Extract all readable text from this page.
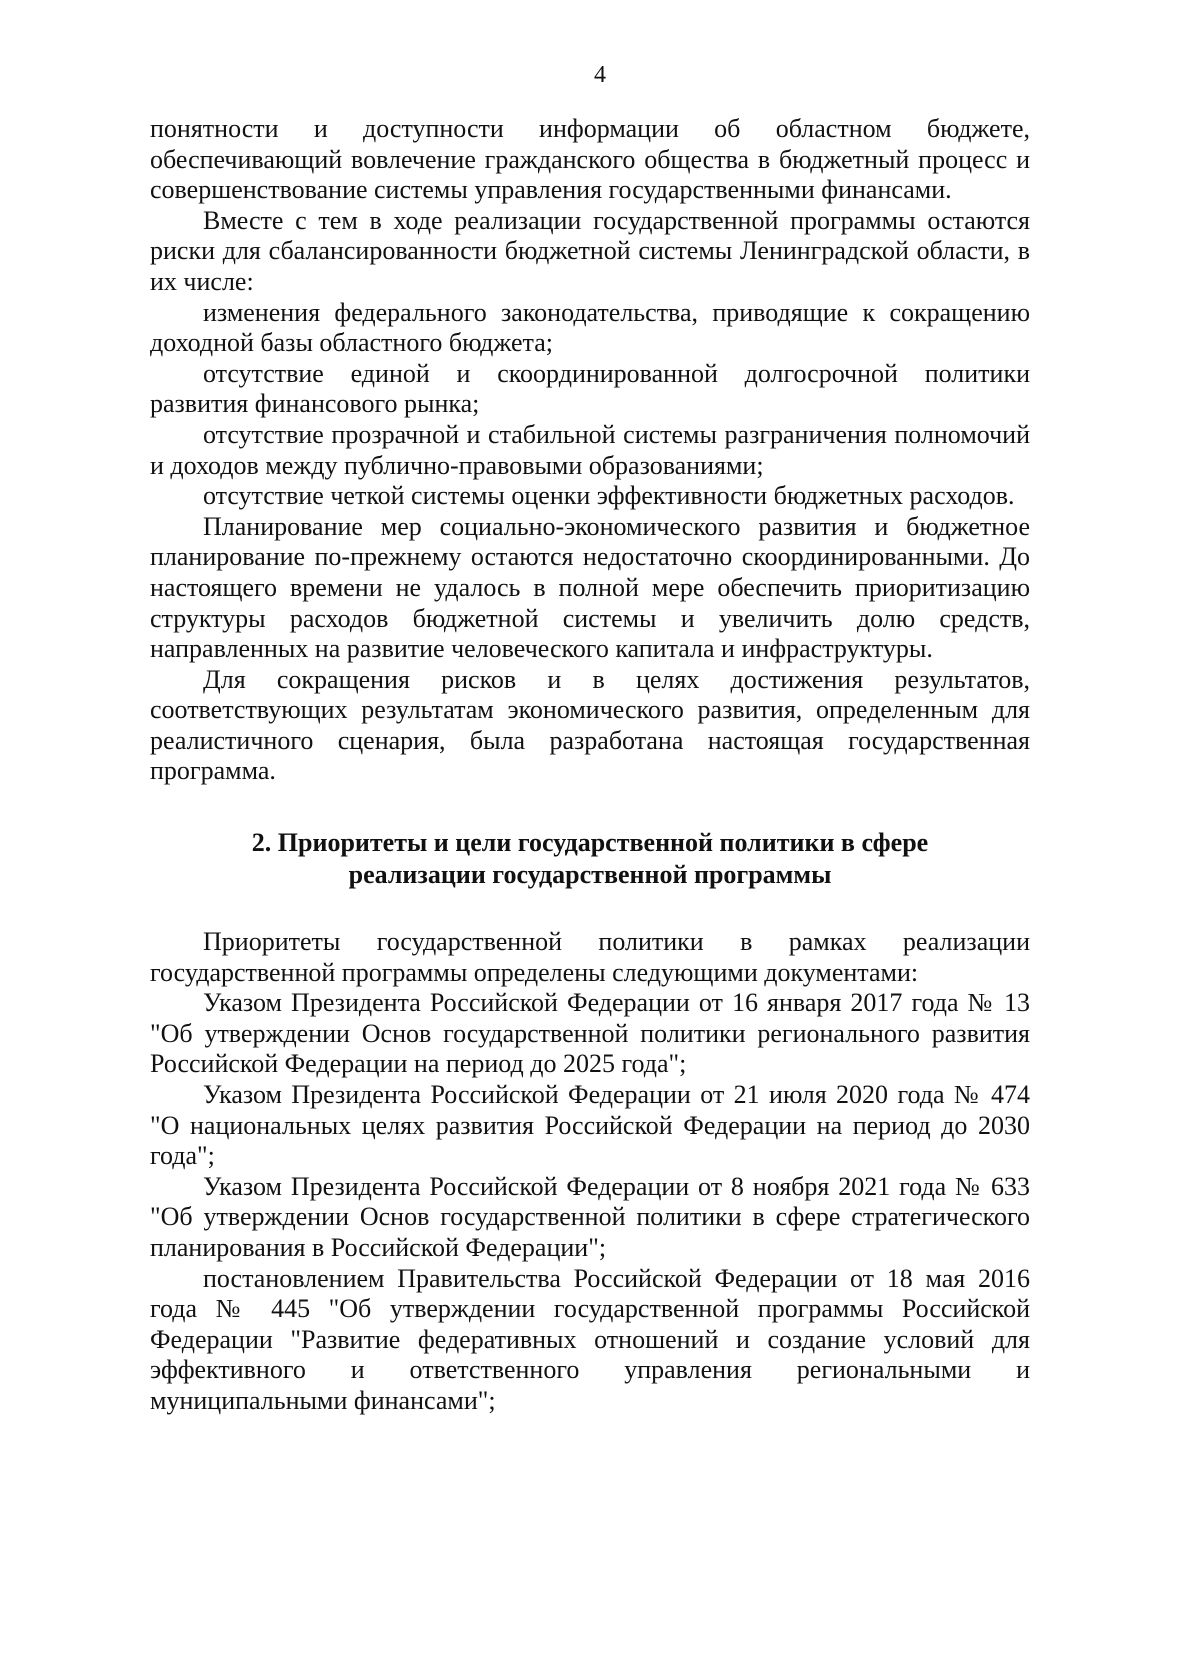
4

понятности и доступности информации об областном бюджете, обеспечивающий вовлечение гражданского общества в бюджетный процесс и совершенствование системы управления государственными финансами.

Вместе с тем в ходе реализации государственной программы остаются риски для сбалансированности бюджетной системы Ленинградской области, в их числе:

изменения федерального законодательства, приводящие к сокращению доходной базы областного бюджета;

отсутствие единой и скоординированной долгосрочной политики развития финансового рынка;

отсутствие прозрачной и стабильной системы разграничения полномочий и доходов между публично-правовыми образованиями;

отсутствие четкой системы оценки эффективности бюджетных расходов.

Планирование мер социально-экономического развития и бюджетное планирование по-прежнему остаются недостаточно скоординированными. До настоящего времени не удалось в полной мере обеспечить приоритизацию структуры расходов бюджетной системы и увеличить долю средств, направленных на развитие человеческого капитала и инфраструктуры.

Для сокращения рисков и в целях достижения результатов, соответствующих результатам экономического развития, определенным для реалистичного сценария, была разработана настоящая государственная программа.

2. Приоритеты и цели государственной политики в сфере
реализации государственной программы

Приоритеты государственной политики в рамках реализации государственной программы определены следующими документами:

Указом Президента Российской Федерации от 16 января 2017 года № 13 "Об утверждении Основ государственной политики регионального развития Российской Федерации на период до 2025 года";

Указом Президента Российской Федерации от 21 июля 2020 года № 474 "О национальных целях развития Российской Федерации на период до 2030 года";

Указом Президента Российской Федерации от 8 ноября 2021 года № 633 "Об утверждении Основ государственной политики в сфере стратегического планирования в Российской Федерации";

постановлением Правительства Российской Федерации от 18 мая 2016 года № 445 "Об утверждении государственной программы Российской Федерации "Развитие федеративных отношений и создание условий для эффективного и ответственного управления региональными и муниципальными финансами";
